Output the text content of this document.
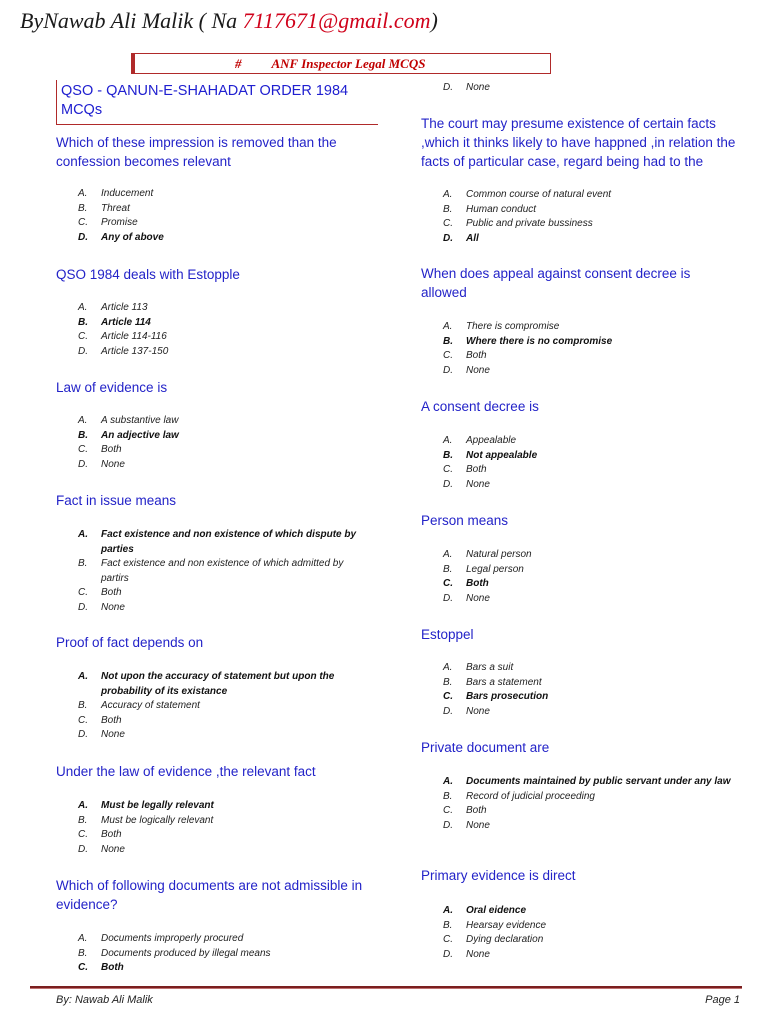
ByNawab Ali Malik ( Na 7117671@gmail.com)
# ANF Inspector Legal MCQS
QSO - QANUN-E-SHAHADAT ORDER 1984 MCQs
Which of these impression is removed than the confession becomes relevant
A.	Inducement
B.	Threat
C.	Promise
D.	Any of above
QSO 1984 deals with Estopple
A.	Article 113
B.	Article 114
C.	Article 114-116
D.	Article 137-150
Law of evidence is
A.	A substantive law
B.	An adjective law
C.	Both
D.	None
Fact in issue means
A.	Fact existence and non existence of which dispute by parties
B.	Fact existence and non existence of which admitted by partirs
C.	Both
D.	None
Proof of fact depends on
A.	Not upon the accuracy of statement but upon the probability of its existance
B.	Accuracy of statement
C.	Both
D.	None
Under the law of evidence ,the relevant fact
A.	Must be legally relevant
B.	Must be logically relevant
C.	Both
D.	None
Which of following documents are not admissible in evidence?
A.	Documents improperly procured
B.	Documents produced by illegal means
C.	Both
D.	None
The court may presume existence of certain facts ,which it thinks likely to have happned ,in relation the facts of particular case, regard being had to the
A.	Common course of natural event
B.	Human conduct
C.	Public and private bussiness
D.	All
When does appeal against consent decree is allowed
A.	There is compromise
B.	Where there is no compromise
C.	Both
D.	None
A consent decree is
A.	Appealable
B.	Not appealable
C.	Both
D.	None
Person means
A.	Natural person
B.	Legal person
C.	Both
D.	None
Estoppel
A.	Bars a suit
B.	Bars a statement
C.	Bars prosecution
D.	None
Private document are
A.	Documents maintained by public servant under any law
B.	Record of judicial proceeding
C.	Both
D.	None
Primary evidence is direct
A.	Oral eidence
B.	Hearsay evidence
C.	Dying declaration
D.	None
By: Nawab Ali Malik	Page 1
